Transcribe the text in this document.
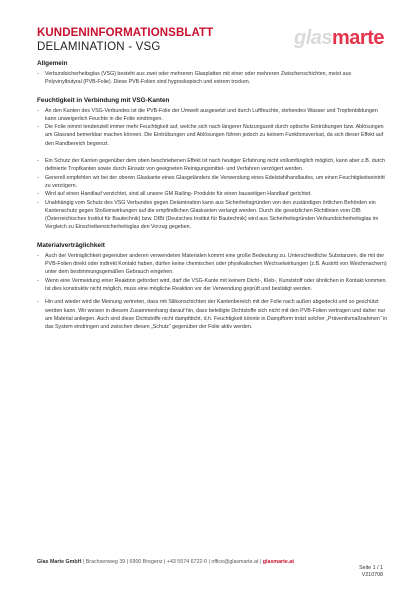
KUNDENINFORMATIONSBLATT
DELAMINATION - VSG	glasmarte
Allgemein
- Verbundsicherheitsglas (VSG) besteht aus zwei oder mehreren Glasplatten mit einer oder mehreren Zwischenschichten, meist aus Polyvinylbutyral (PVB-Folie). Diese PVB-Folien sind hygroskopisch und extrem trocken.
Feuchtigkeit in Verbindung mit VSG-Kanten
- An den Kanten des VSG-Verbundes ist die PVB-Folie der Umwelt ausgesetzt und durch Luftfeuchte, stehendes Wasser und Tropfenbildungen kann unweigerlich Feuchte in die Folie eindringen.
- Die Folie nimmt tendenziell immer mehr Feuchtigkeit auf, welche sich nach längerer Nutzungszeit durch optische Eintrübungen bzw. Ablösungen am Glasrand bemerkbar machen können. Die Eintrübungen und Ablösungen führen jedoch zu keinem Funktionsverlust, da sich dieser Effekt auf den Randbereich begrenzt.
- Ein Schutz der Kanten gegenüber dem oben beschriebenen Effekt ist nach heutiger Erfahrung nicht vollumfänglich möglich, kann aber z.B. durch definierte Tropfkanten sowie durch Einsatz von geeigneten Reinigungsmittel- und Verfahren verzögert werden.
- Generell empfehlen wir bei der oberen Glaskante eines Glasgeländers die Verwendung eines Edelstahlhandlaufes, um einen Feuchtigkeitseintritt zu verzögern.
- Wird auf einen Handlauf verzichtet, sind all unsere GM Railing- Produkte für einen bauseitigen Handlauf gerichtet.
- Unabhängig vom Schutz des VSG Verbundes gegen Delamination kann aus Sicherheitsgründen von den zuständigen örtlichen Behörden ein Kantenschutz gegen Stoßeinwirkungen auf die empfindlichen Glaskanten verlangt werden. Durch die gesetzlichen Richtlinien vom OIB (Österreichisches Institut für Bautechnik) bzw. DIBt (Deutsches Institut für Bautechnik) wird aus Sicherheitsgründen Verbundsicherheitsglas im Vergleich zu Einscheibensicherheitsglas den Vorzug gegeben.
Materialverträglichkeit
- Auch der Verträglichkeit gegenüber anderen verwendeten Materialen kommt eine große Bedeutung zu. Unterschiedliche Substanzen, die mit der PVB-Folien direkt oder indirekt Kontakt haben, dürfen keine chemischen oder physikalischen Wechselwirkungen (z.B. Austritt von Weichmachern) unter dem bestimmungsgemäßen Gebrauch eingehen.
- Wenn eine Vermeidung einer Reaktion gefordert wird, darf die VSG-Kante mit keinem Dicht-, Kleb-, Kunststoff oder ähnlichen in Kontakt kommen. Ist dies konstruktiv nicht möglich, muss eine mögliche Reaktion vor der Verwendung geprüft und bestätigt werden.
- Hin und wieder wird die Meinung vertreten, dass mit Silikonschichten der Kantenbereich mit der Folie nach außen abgedeckt und so geschützt werden kann. Wir weisen in diesem Zusammenhang darauf hin, dass beteiligte Dichtstoffe sich nicht mit den PVB-Folien vertragen und daher nur am Material anliegen. Auch sind diese Dichtstoffe nicht dampfdicht, d.h. Feuchtigkeit könnte in Dampfform trotzt solcher „Präventivmaßnahmen“ in das System eindringen und zwischen diesen „Schutz“ gegenüber der Folie aktiv werden.
Glas Marte GmbH | Brachsenweg 39 | 6900 Bregenz | +43 5574 6722-0 | office@glasmarte.at | glasmarte.at
Seite 1 / 1
V210708
